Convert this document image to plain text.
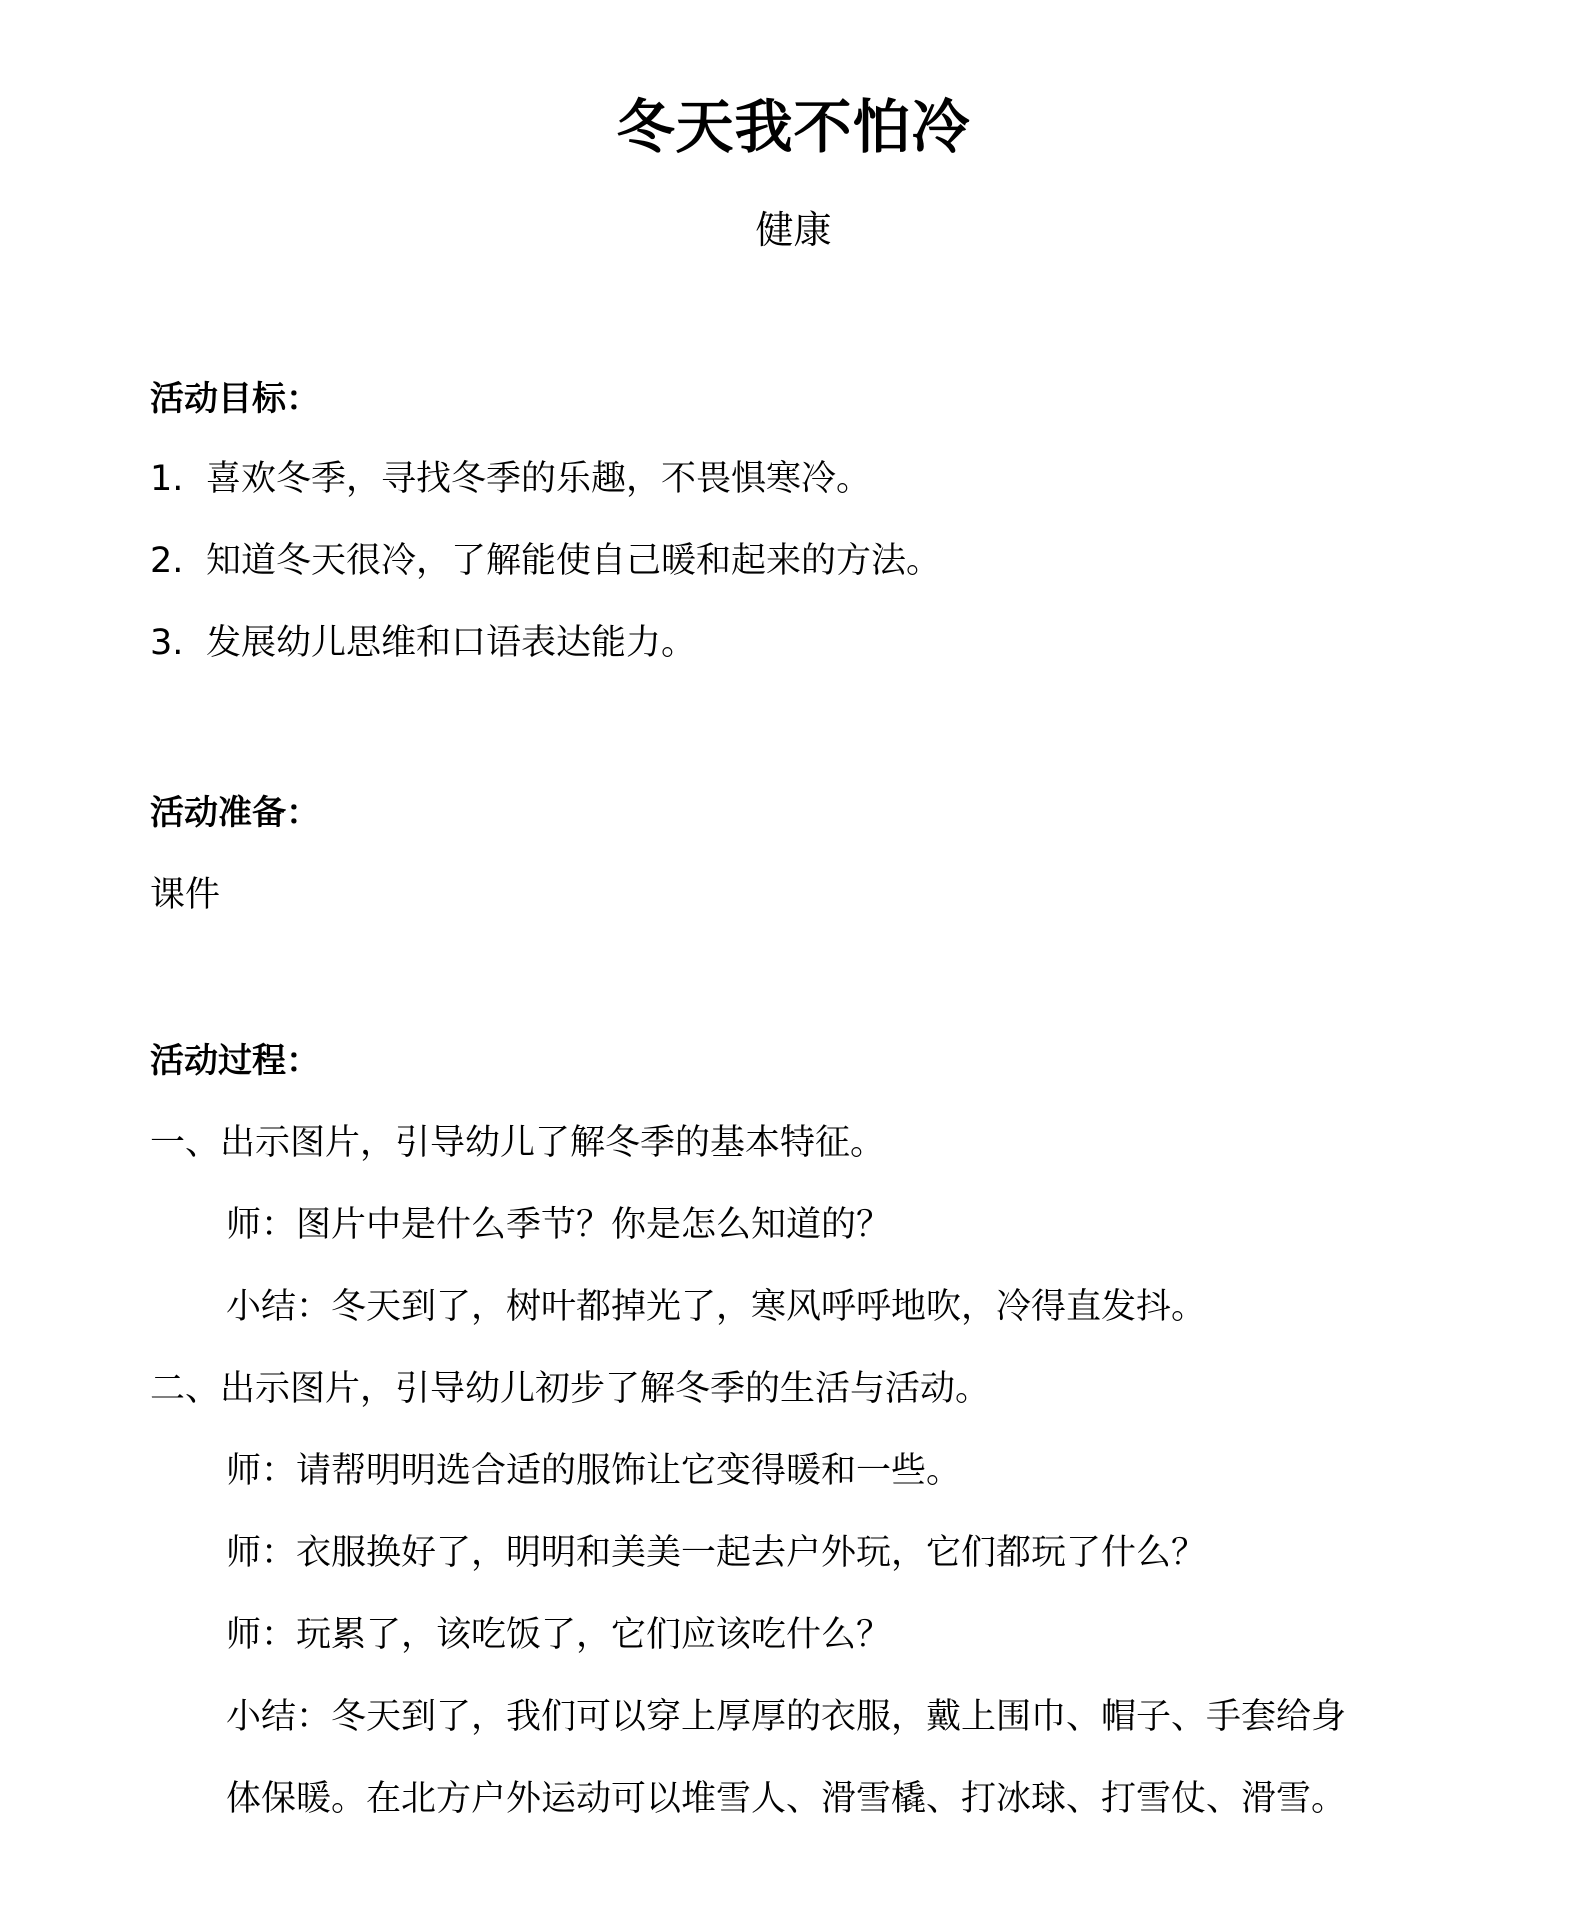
冬天我不怕冷
健康
活动目标：
1. 喜欢冬季，寻找冬季的乐趣，不畏惧寒冷。
2. 知道冬天很冷，了解能使自己暖和起来的方法。
3. 发展幼儿思维和口语表达能力。
活动准备：
课件
活动过程：
一、出示图片，引导幼儿了解冬季的基本特征。
师：图片中是什么季节？你是怎么知道的？
小结：冬天到了，树叶都掉光了，寒风呼呼地吹，冷得直发抖。
二、出示图片，引导幼儿初步了解冬季的生活与活动。
师：请帮明明选合适的服饰让它变得暖和一些。
师：衣服换好了，明明和美美一起去户外玩，它们都玩了什么？
师：玩累了，该吃饭了，它们应该吃什么？
小结：冬天到了，我们可以穿上厚厚的衣服，戴上围巾、帽子、手套给身
体保暖。在北方户外运动可以堆雪人、滑雪橇、打冰球、打雪仗、滑雪。
